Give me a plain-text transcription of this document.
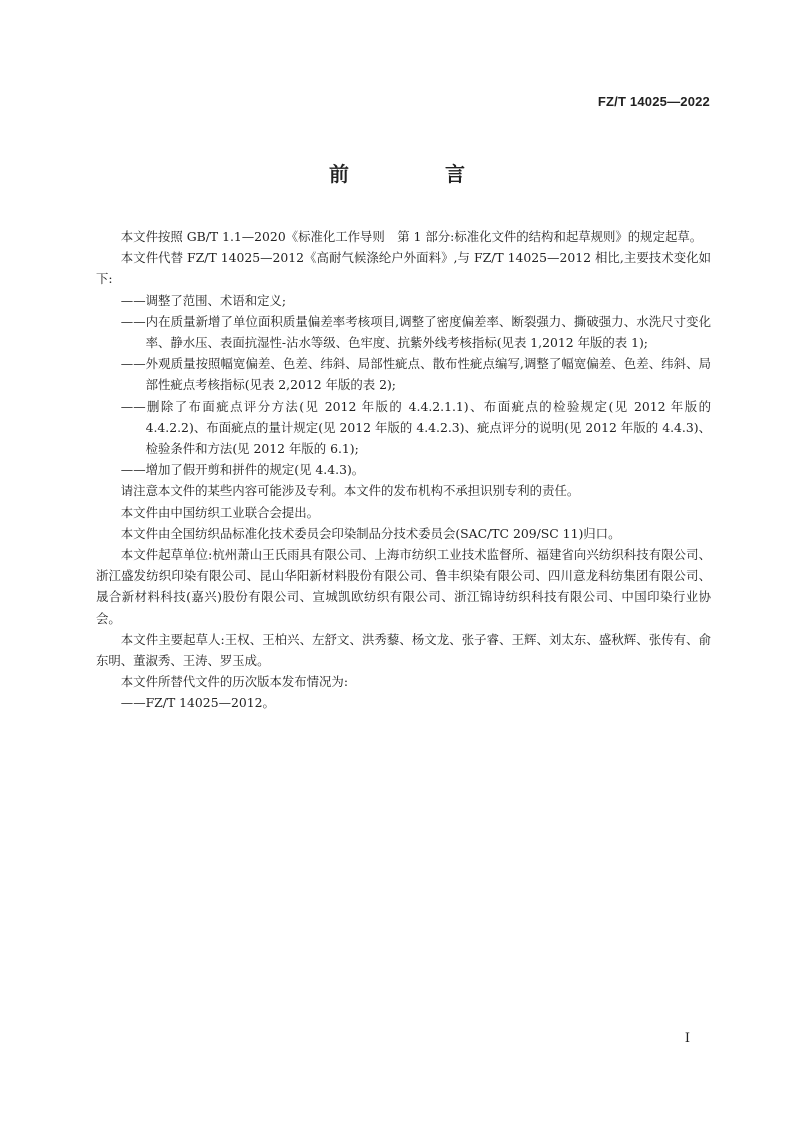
FZ/T 14025—2022
前　言

本文件按照 GB/T 1.1—2020《标准化工作导则　第 1 部分:标准化文件的结构和起草规则》的规定起草。

本文件代替 FZ/T 14025—2012《高耐气候涤纶户外面料》,与 FZ/T 14025—2012 相比,主要技术变化如下:

——调整了范围、术语和定义;

——内在质量新增了单位面积质量偏差率考核项目,调整了密度偏差率、断裂强力、撕破强力、水洗尺寸变化率、静水压、表面抗湿性-沾水等级、色牢度、抗紫外线考核指标(见表 1,2012 年版的表 1);

——外观质量按照幅宽偏差、色差、纬斜、局部性疵点、散布性疵点编写,调整了幅宽偏差、色差、纬斜、局部性疵点考核指标(见表 2,2012 年版的表 2);

——删除了布面疵点评分方法(见 2012 年版的 4.4.2.1.1)、布面疵点的检验规定(见 2012 年版的 4.4.2.2)、布面疵点的量计规定(见 2012 年版的 4.4.2.3)、疵点评分的说明(见 2012 年版的 4.4.3)、检验条件和方法(见 2012 年版的 6.1);

——增加了假开剪和拼件的规定(见 4.4.3)。

请注意本文件的某些内容可能涉及专利。本文件的发布机构不承担识别专利的责任。

本文件由中国纺织工业联合会提出。

本文件由全国纺织品标准化技术委员会印染制品分技术委员会(SAC/TC 209/SC 11)归口。

本文件起草单位:杭州萧山王氏雨具有限公司、上海市纺织工业技术监督所、福建省向兴纺织科技有限公司、浙江盛发纺织印染有限公司、昆山华阳新材料股份有限公司、鲁丰织染有限公司、四川意龙科纺集团有限公司、晟合新材料科技(嘉兴)股份有限公司、宣城凯欧纺织有限公司、浙江锦诗纺织科技有限公司、中国印染行业协会。

本文件主要起草人:王权、王柏兴、左舒文、洪秀藜、杨文龙、张子睿、王辉、刘太东、盛秋辉、张传有、俞东明、董淑秀、王涛、罗玉成。

本文件所替代文件的历次版本发布情况为:

——FZ/T 14025—2012。

I
